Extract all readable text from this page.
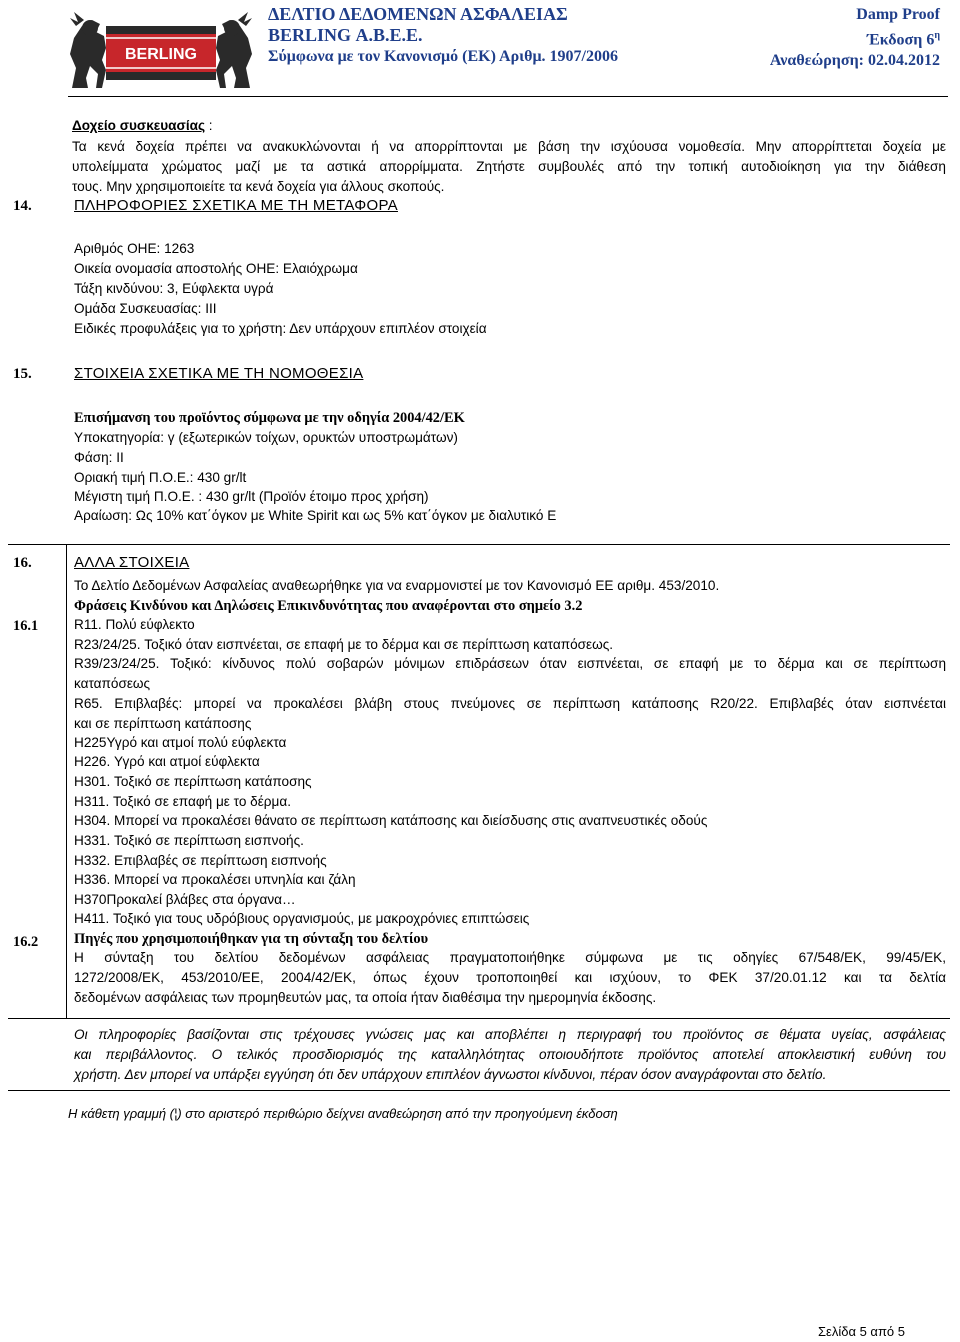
BERLING
ΔΕΛΤΙΟ ΔΕΔΟΜΕΝΩΝ ΑΣΦΑΛΕΙΑΣ
BERLING Α.Β.Ε.Ε.
Σύμφωνα με τον Κανονισμό (ΕΚ) Αριθμ. 1907/2006
Damp Proof
Έκδοση $6^\eta$
Αναθεώρηση: 02.04.2012
Δοχείο συσκευασίας :
Τα κενά δοχεία πρέπει να ανακυκλώνονται ή να απορρίπτονται με βάση την ισχύουσα νομοθεσία. Μην απορρίπτεται δοχεία με
υπολείμματα χρώματος μαζί με τα αστικά απορρίμματα. Ζητήστε συμβουλές από την τοπική αυτοδιοίκηση για την διάθεση
τους. Μην χρησιμοποιείτε τα κενά δοχεία για άλλους σκοπούς.
14.	ΠΛΗΡΟΦΟΡΙΕΣ ΣΧΕΤΙΚΑ ΜΕ ΤΗ ΜΕΤΑΦΟΡΑ
Αριθμός ΟΗΕ: 1263
Οικεία ονομασία αποστολής ΟΗΕ: Ελαιόχρωμα
Τάξη κινδύνου: 3, Εύφλεκτα υγρά
Ομάδα Συσκευασίας: ΙΙΙ
Ειδικές προφυλάξεις για το χρήστη: Δεν υπάρχουν επιπλέον στοιχεία
15.	ΣΤΟΙΧΕΙΑ ΣΧΕΤΙΚΑ ΜΕ ΤΗ ΝΟΜΟΘΕΣΙΑ
Επισήμανση του προϊόντος σύμφωνα με την οδηγία 2004/42/ΕΚ
Υποκατηγορία: γ (εξωτερικών τοίχων, ορυκτών υποστρωμάτων)
Φάση: ΙΙ
Οριακή τιμή Π.Ο.Ε.: 430 gr/lt
Μέγιστη τιμή Π.Ο.Ε. : 430 gr/lt (Προϊόν έτοιμο προς χρήση)
Αραίωση: Ως 10% κατ΄όγκον με White Spirit και ως 5% κατ΄όγκον με διαλυτικό Ε
16.	ΑΛΛΑ ΣΤΟΙΧΕΙΑ
Το Δελτίο Δεδομένων Ασφαλείας αναθεωρήθηκε για να εναρμονιστεί με τον Κανονισμό ΕΕ αριθμ. 453/2010.
Φράσεις Κινδύνου και Δηλώσεις Επικινδυνότητας που αναφέρονται στο σημείο 3.2
16.1	R11. Πολύ εύφλεκτο
R23/24/25. Τοξικό όταν εισπνέεται, σε επαφή με το δέρμα και σε περίπτωση καταπόσεως.
R39/23/24/25. Τοξικό: κίνδυνος πολύ σοβαρών μόνιμων επιδράσεων όταν εισπνέεται, σε επαφή με το δέρμα και σε περίπτωση
καταπόσεως
R65. Επιβλαβές: μπορεί να προκαλέσει βλάβη στους πνεύμονες σε περίπτωση κατάποσης R20/22. Επιβλαβές όταν εισπνέεται
και σε περίπτωση κατάποσης
H225Υγρό και ατμοί πολύ εύφλεκτα
H226. Υγρό και ατμοί εύφλεκτα
H301. Τοξικό σε περίπτωση κατάποσης
H311. Τοξικό σε επαφή με το δέρμα.
H304. Μπορεί να προκαλέσει θάνατο σε περίπτωση κατάποσης και διείσδυσης στις αναπνευστικές οδούς
H331. Τοξικό σε περίπτωση εισπνοής.
H332. Επιβλαβές σε περίπτωση εισπνοής
H336. Μπορεί να προκαλέσει υπνηλία και ζάλη
H370Προκαλεί βλάβες στα όργανα…
H411. Τοξικό για τους υδρόβιους οργανισμούς, με μακροχρόνιες επιπτώσεις
16.2 Πηγές που χρησιμοποιήθηκαν για τη σύνταξη του δελτίου
Η σύνταξη του δελτίου δεδομένων ασφάλειας πραγματοποιήθηκε σύμφωνα με τις οδηγίες 67/548/ΕΚ, 99/45/ΕΚ,
1272/2008/ΕΚ, 453/2010/ΕΕ, 2004/42/ΕΚ, όπως έχουν τροποποιηθεί και ισχύουν, το ΦΕΚ 37/20.01.12 και τα δελτία
δεδομένων ασφάλειας των προμηθευτών μας, τα οποία ήταν διαθέσιμα την ημερομηνία έκδοσης.
Οι πληροφορίες βασίζονται στις τρέχουσες γνώσεις μας και αποβλέπει η περιγραφή του προϊόντος σε θέματα υγείας, ασφάλειας
και περιβάλλοντος. Ο τελικός προσδιορισμός της καταλληλότητας οποιουδήποτε προϊόντος αποτελεί αποκλειστική ευθύνη του
χρήστη. Δεν μπορεί να υπάρξει εγγύηση ότι δεν υπάρχουν επιπλέον άγνωστοι κίνδυνοι, πέραν όσον αναγράφονται στο δελτίο.
Η κάθετη γραμμή (¦) στο αριστερό περιθώριο δείχνει αναθεώρηση από την προηγούμενη έκδοση
Σελίδα 5 από 5
